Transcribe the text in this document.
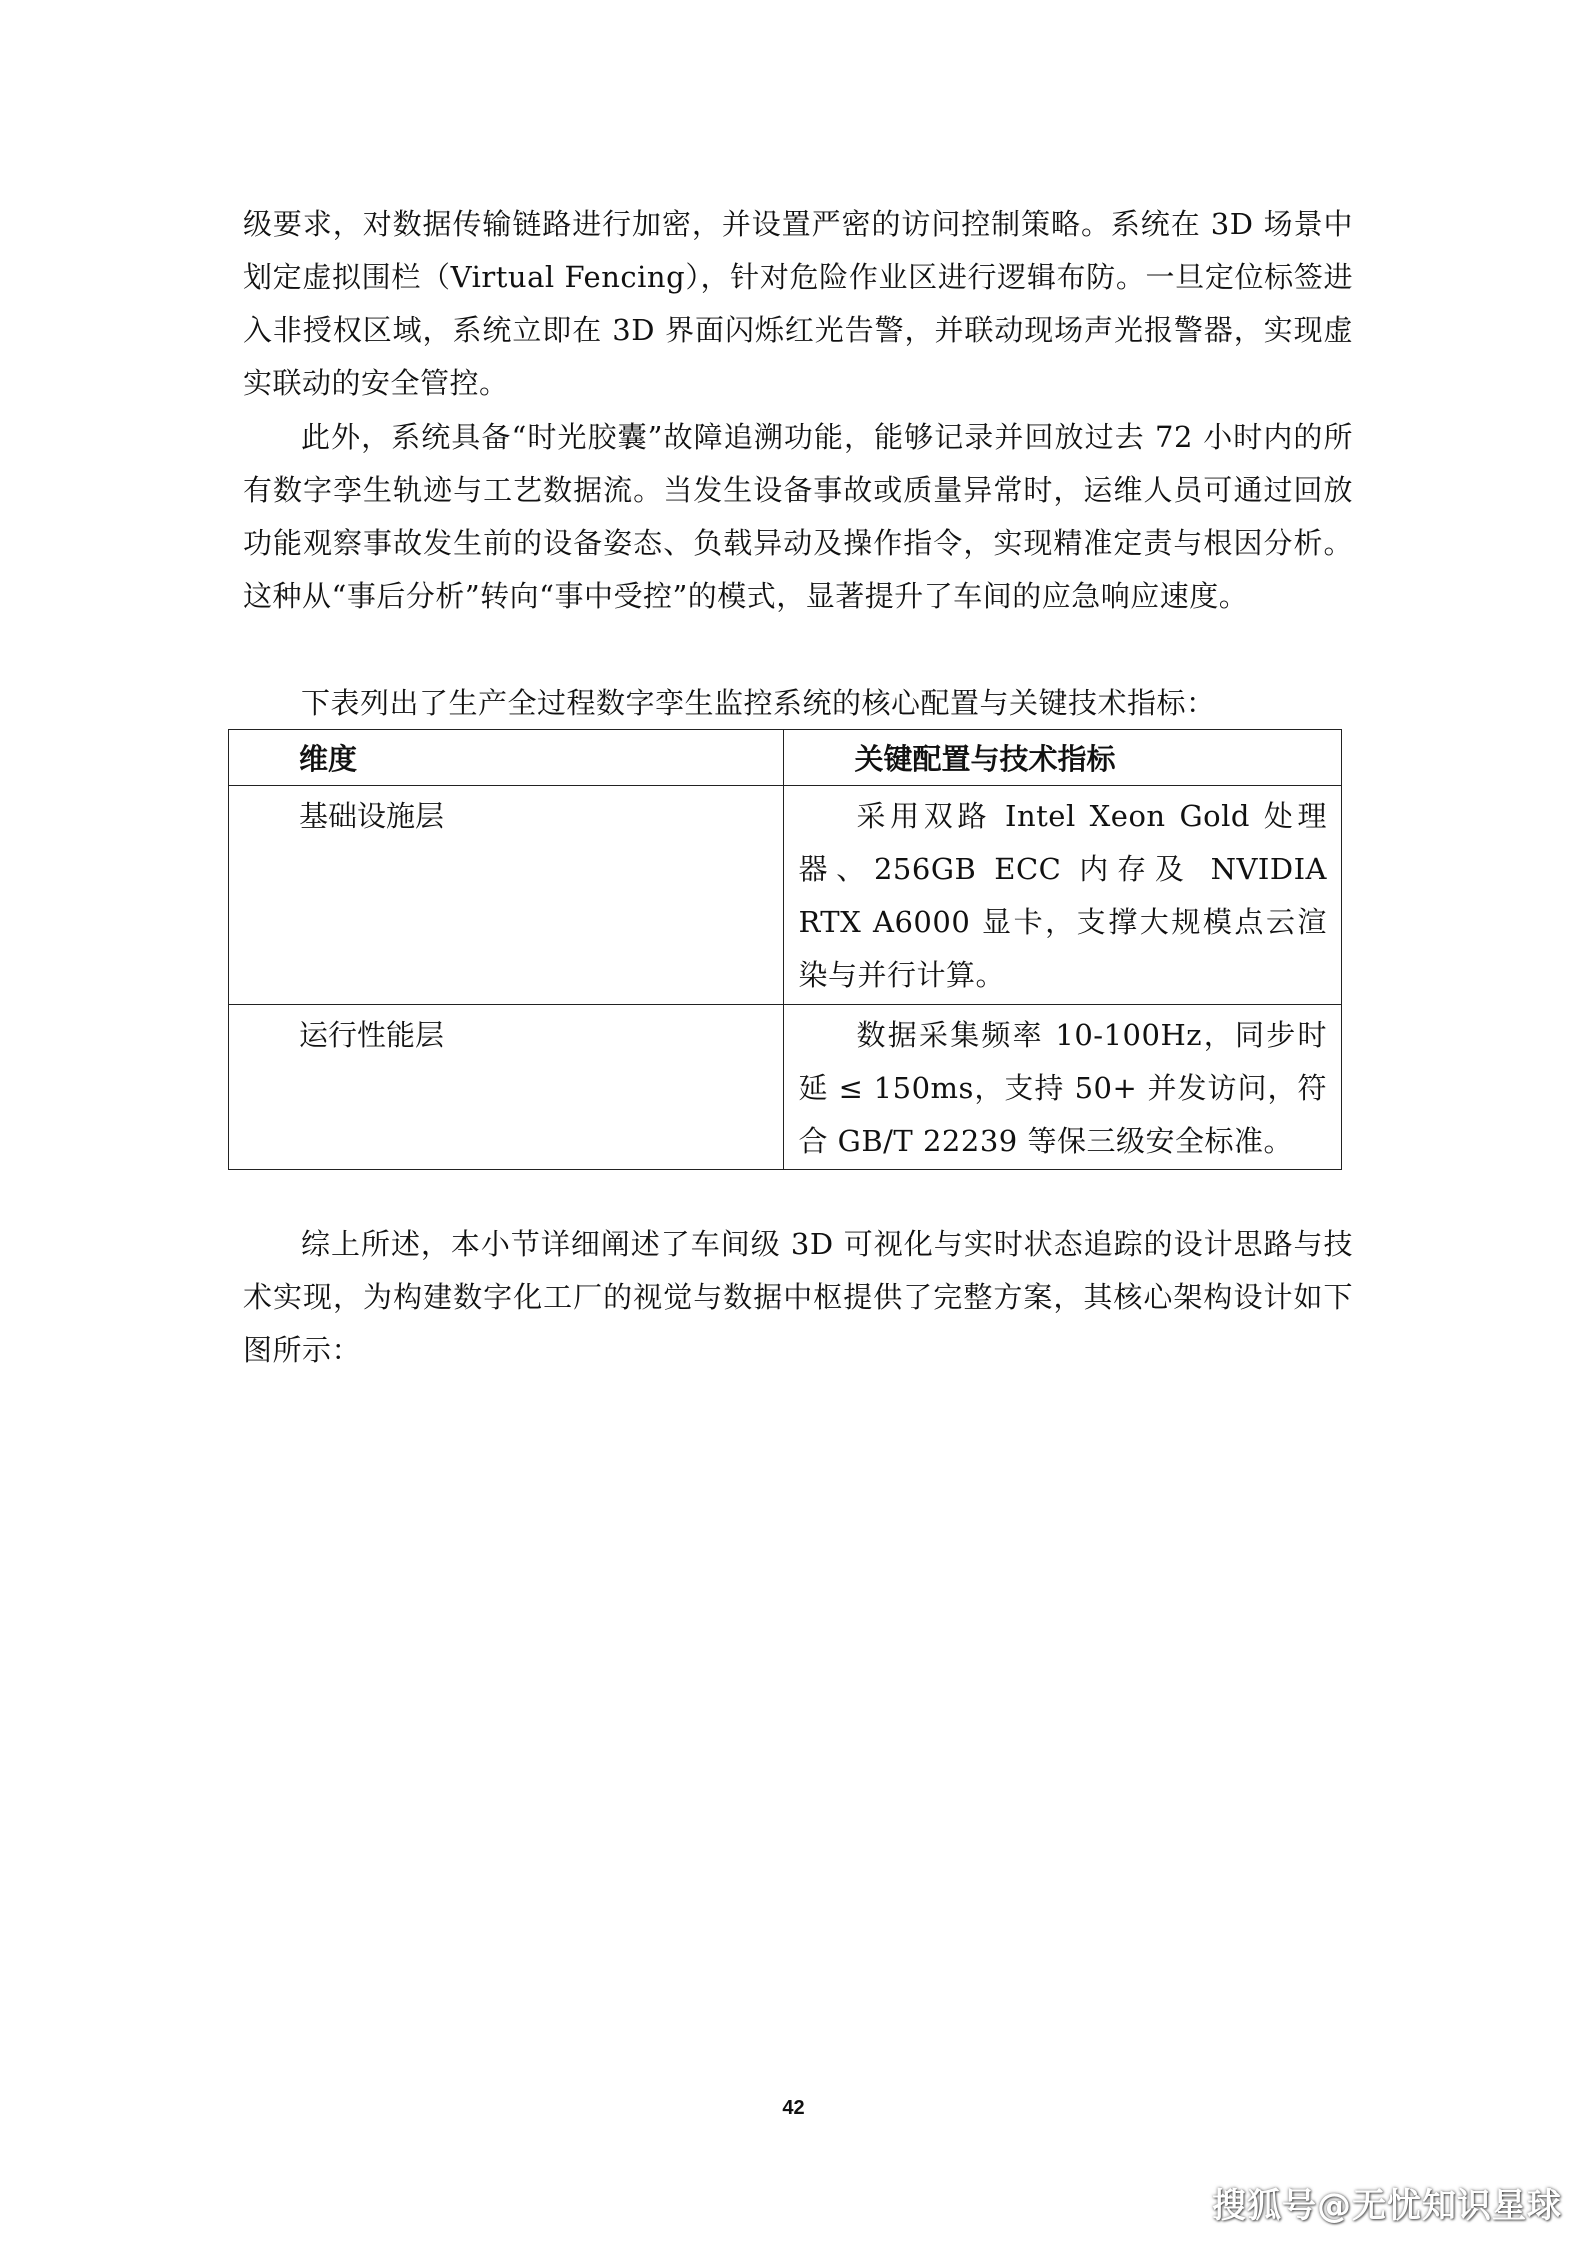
级要求，对数据传输链路进行加密，并设置严密的访问控制策略。系统在 3D 场景中划定虚拟围栏（Virtual Fencing），针对危险作业区进行逻辑布防。一旦定位标签进入非授权区域，系统立即在 3D 界面闪烁红光告警，并联动现场声光报警器，实现虚实联动的安全管控。
此外，系统具备“时光胶囊”故障追溯功能，能够记录并回放过去 72 小时内的所有数字孪生轨迹与工艺数据流。当发生设备事故或质量异常时，运维人员可通过回放功能观察事故发生前的设备姿态、负载异动及操作指令，实现精准定责与根因分析。这种从“事后分析”转向“事中受控”的模式，显著提升了车间的应急响应速度。
下表列出了生产全过程数字孪生监控系统的核心配置与关键技术指标：
维度	关键配置与技术指标
基础设施层	采用双路 Intel Xeon Gold 处理器、256GB ECC 内存及 NVIDIA RTX A6000 显卡，支撑大规模点云渲染与并行计算。
运行性能层	数据采集频率 10-100Hz，同步时延 ≤ 150ms，支持 50+ 并发访问，符合 GB/T 22239 等保三级安全标准。
综上所述，本小节详细阐述了车间级 3D 可视化与实时状态追踪的设计思路与技术实现，为构建数字化工厂的视觉与数据中枢提供了完整方案，其核心架构设计如下图所示：
42
搜狐号@无忧知识星球
